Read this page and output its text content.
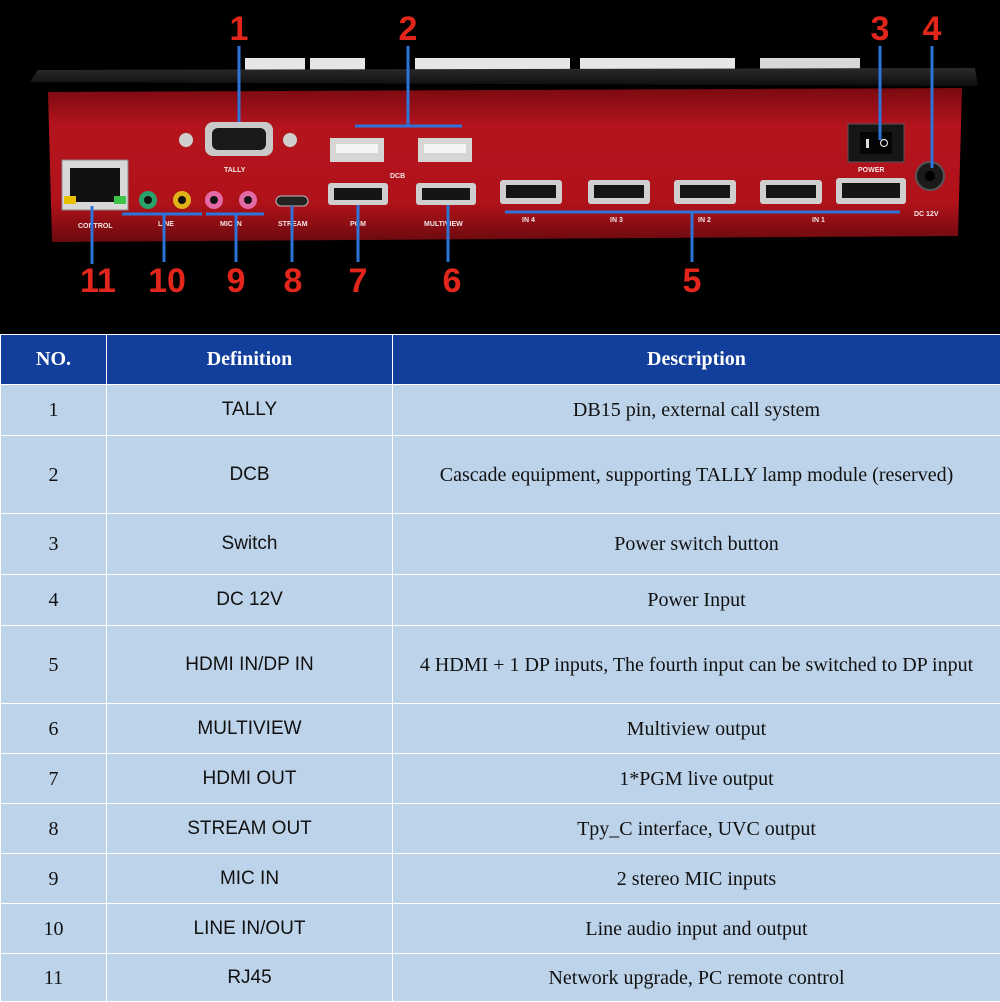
CONTROL	LINE	MIC IN	STREAM
TALLY
DCB
PGM	MULTIVIEW
IN 4	IN 3	IN 2	IN 1
POWER
DC 12V
1	2	3 4
5
6
7
8
9
10
11
NO.	Definition	Description
1	TALLY	DB15 pin, external call system
2	DCB	Cascade equipment, supporting TALLY lamp module (reserved)
3	Switch	Power switch button
4	DC 12V	Power Input
5	HDMI IN/DP IN	4 HDMI + 1 DP inputs, The fourth input can be switched to DP input
6	MULTIVIEW	Multiview output
7	HDMI OUT	1*PGM live output
8	STREAM OUT	Tpy_C interface, UVC output
9	MIC IN	2 stereo MIC inputs
10	LINE IN/OUT	Line audio input and output
11	RJ45	Network upgrade, PC remote control
